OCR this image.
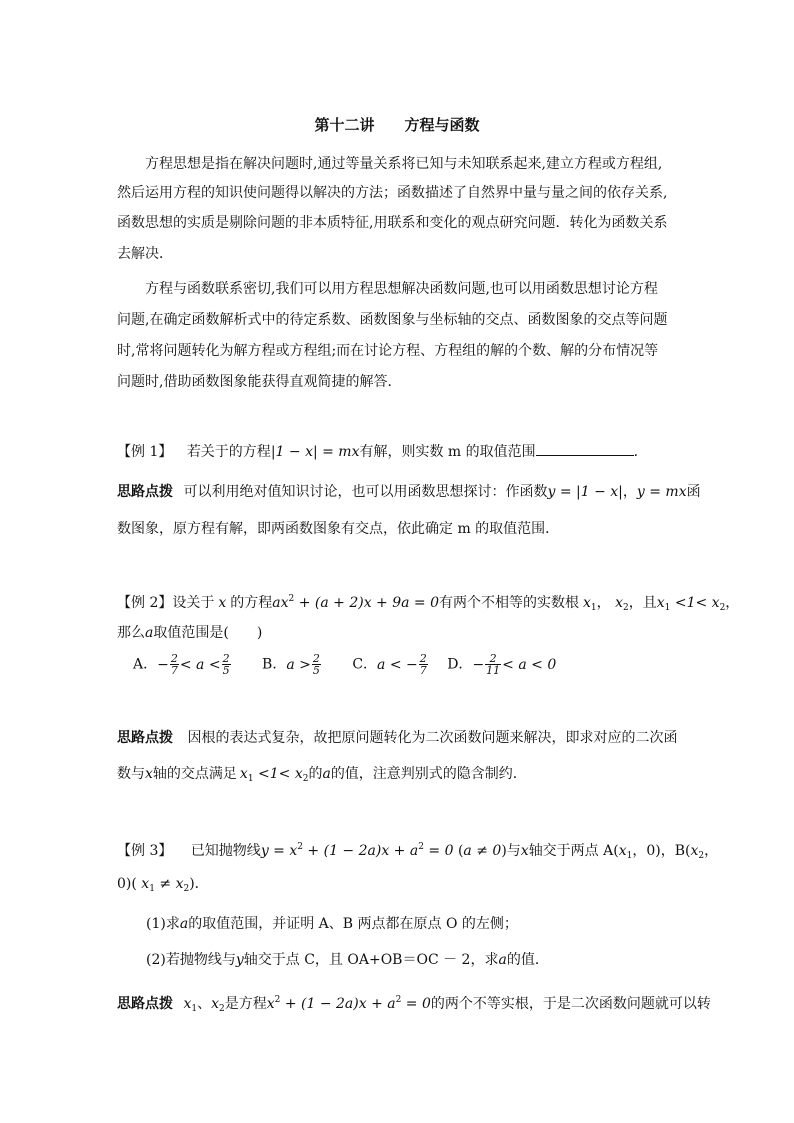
第十二讲 方程与函数
方程思想是指在解决问题时,通过等量关系将已知与未知联系起来,建立方程或方程组,
然后运用方程的知识使问题得以解决的方法；函数描述了自然界中量与量之间的依存关系,
函数思想的实质是剔除问题的非本质特征,用联系和变化的观点研究问题．转化为函数关系
去解决．
方程与函数联系密切,我们可以用方程思想解决函数问题,也可以用函数思想讨论方程
问题,在确定函数解析式中的待定系数、函数图象与坐标轴的交点、函数图象的交点等问题
时,常将问题转化为解方程或方程组;而在讨论方程、方程组的解的个数、解的分布情况等
问题时,借助函数图象能获得直观简捷的解答．
【例 1】 若关于的方程|1 − x| = mx有解，则实数 m 的取值范围	．
思路点拨 可以利用绝对值知识讨论，也可以用函数思想探讨：作函数y = |1 − x|，y = mx函
数图象，原方程有解，即两函数图象有交点，依此确定 m 的取值范围．
【例 2】设关于 x 的方程$ax^2 + (a + 2)x + 9a = 0$有两个不相等的实数根 $x_1$， $x_2$，且$x_1 <1< x_2$，
那么a取值范围是(　　)
A．− $\frac{2}{7} < a < \frac{2}{5}$ B．$a > \frac{2}{5}$ C．a < − $\frac{2}{7}$ D．− $\frac{2}{11} < a < 0$
思路点拨 因根的表达式复杂，故把原问题转化为二次函数问题来解决，即求对应的二次函
数与x轴的交点满足 $x_1 <1< x_2$的a的值，注意判别式的隐含制约．
【例 3】 已知抛物线$y = x^2 + (1 - 2a)x + a^2 = 0$ (a ≠ 0)与x轴交于两点 $A(x_1$，0)，$B(x_2$，
0)( $x_1 \ne x_2$)．
(1)求a的取值范围，并证明 A、B 两点都在原点 O 的左侧；
(2)若抛物线与y轴交于点 C，且 OA+OB＝OC － 2，求a的值．
思路点拨 $x_1$、$x_2$是方程$x^2 + (1 - 2a)x + a^2 = 0$的两个不等实根，于是二次函数问题就可以转
